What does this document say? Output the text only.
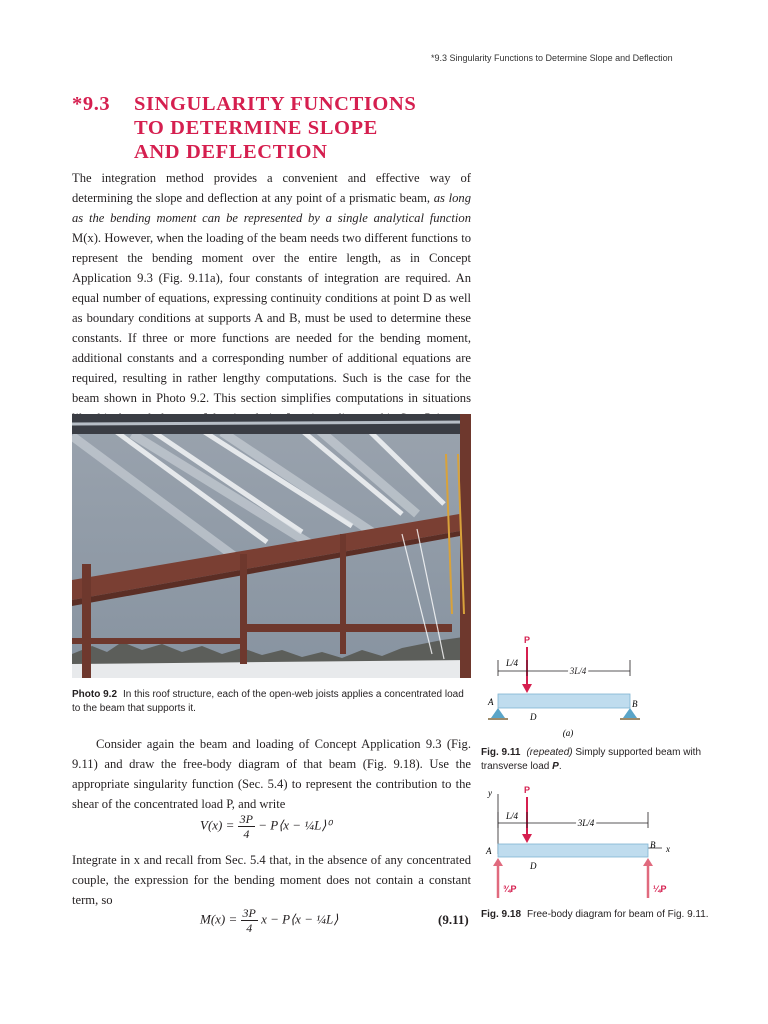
*9.3 Singularity Functions to Determine Slope and Deflection
*9.3 SINGULARITY FUNCTIONS
TO DETERMINE SLOPE
AND DEFLECTION

The integration method provides a convenient and effective way of determining the slope and deflection at any point of a prismatic beam, as long as the bending moment can be represented by a single analytical function M(x). However, when the loading of the beam needs two different functions to represent the bending moment over the entire length, as in Concept Application 9.3 (Fig. 9.11a), four constants of integration are required. An equal number of equations, expressing continuity conditions at point D as well as boundary conditions at supports A and B, must be used to determine these constants. If three or more functions are needed for the bending moment, additional constants and a corresponding number of additional equations are required, resulting in rather lengthy computations. Such is the case for the beam shown in Photo 9.2. This section simplifies computations in situations

Photo 9.2 In this roof structure, each of the open-web joists applies a concentrated load to the beam that supports it.

Consider again the beam and loading of Concept Application 9.3 (Fig. 9.11) and draw the free-body diagram of that beam (Fig. 9.18). Use the appropriate singularity function (Sec. 5.4) to represent the contribution to the shear of the concentrated load P, and write

$V(x) = \frac{3P}{4}$ − P⟨x − ¼L⟩⁰

Integrate in x and recall from Sec. 5.4 that, in the absence of any concentrated couple, the expression for the bending moment does not contain a constant term, so

$M(x) = \frac{3P}{4}$ x − P⟨x − ¼L⟩	(9.11)
P
L/4
3L/4
A	B
D
(a)

Fig. 9.11 (repeated) Simply supported beam with transverse load P.

y
x
P
L/4
3L/4
A
B
D
¾P	¼P

Fig. 9.18 Free-body diagram for beam of Fig. 9.11.
